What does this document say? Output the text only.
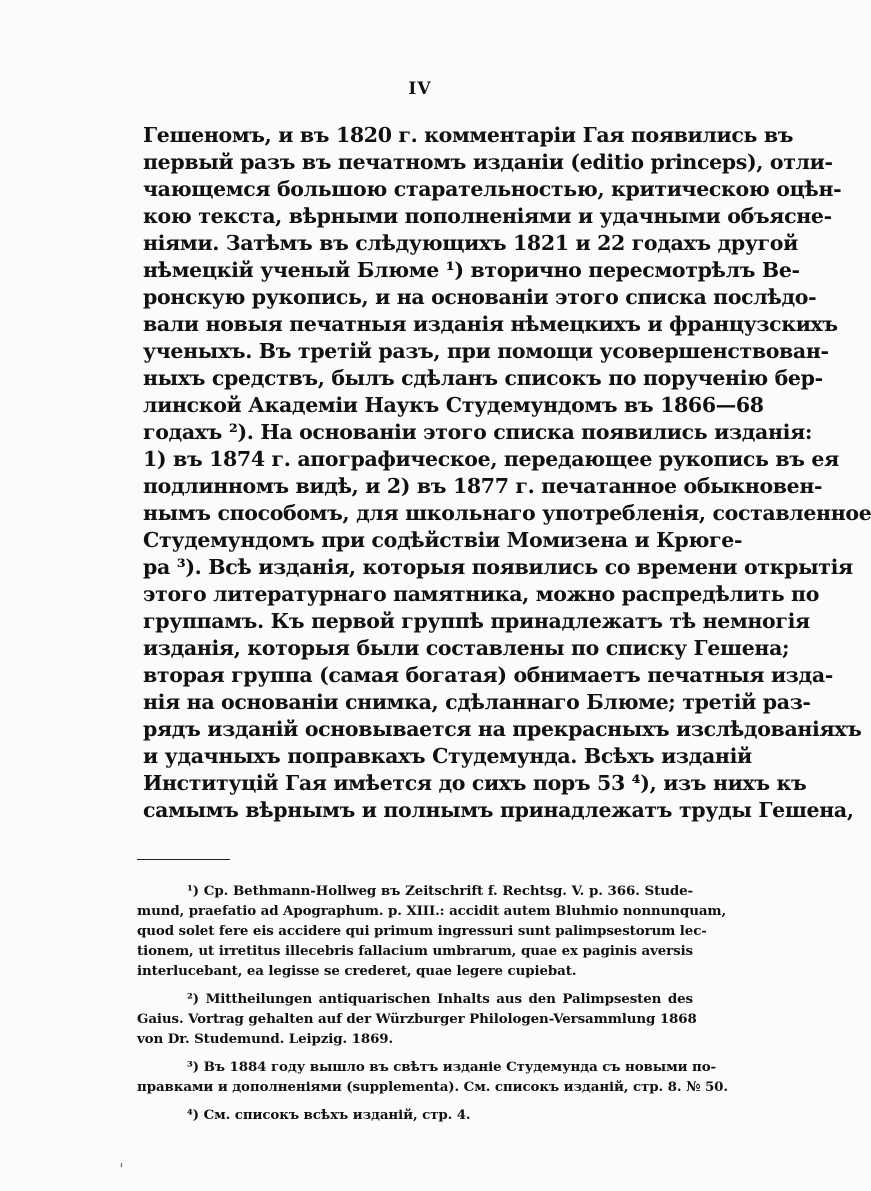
IV
Гешеномъ, и въ 1820 г. комментаріи Гая появились въ
первый разъ въ печатномъ изданіи (editio princeps), отли-
чающемся большою старательностью, критическою оцѣн-
кою текста, вѣрными пополненіями и удачными объясне-
ніями. Затѣмъ въ слѣдующихъ 1821 и 22 годахъ другой
нѣмецкій ученый Блюме ¹) вторично пересмотрѣлъ Ве-
ронскую рукопись, и на основаніи этого списка послѣдо-
вали новыя печатныя изданія нѣмецкихъ и французскихъ
ученыхъ. Въ третій разъ, при помощи усовершенствован-
ныхъ средствъ, былъ сдѣланъ списокъ по порученію бер-
линской Академіи Наукъ Студемундомъ въ 1866—68
годахъ ²). На основаніи этого списка появились изданія:
1) въ 1874 г. апографическое, передающее рукопись въ ея
подлинномъ видѣ, и 2) въ 1877 г. печатанное обыкновен-
нымъ способомъ, для школьнаго употребленія, составленное
Студемундомъ при содѣйствіи Момизена и Крюге-
ра ³). Всѣ изданія, которыя появились со времени открытія
этого литературнаго памятника, можно распредѣлить по
группамъ. Къ первой группѣ принадлежатъ тѣ немногія
изданія, которыя были составлены по списку Гешена;
вторая группа (самая богатая) обнимаетъ печатныя изда-
нія на основаніи снимка, сдѣланнаго Блюме; третій раз-
рядъ изданій основывается на прекрасныхъ изслѣдованіяхъ
и удачныхъ поправкахъ Студемунда. Всѣхъ изданій
Институцій Гая имѣется до сихъ поръ 53 ⁴), изъ нихъ къ
самымъ вѣрнымъ и полнымъ принадлежатъ труды Гешена,
¹) Cp. Bethmann-Hollweg въ Zeitschrift f. Rechtsg. V. p. 366. Stude-
mund, praefatio ad Apographum. p. XIII.: accidit autem Bluhmio nonnunquam,
quod solet fere eis accidere qui primum ingressuri sunt palimpsestorum lec-
tionem, ut irretitus illecebris fallacium umbrarum, quae ex paginis aversis
interlucebant, ea legisse se crederet, quae legere cupiebat.
²) Mittheilungen antiquarischen Inhalts aus den Palimpsesten des
Gaius. Vortrag gehalten auf der Würzburger Philologen-Versammlung 1868
von Dr. Studemund. Leipzig. 1869.
³) Въ 1884 году вышло въ свѣтъ изданіе Студемунда съ новыми по-
правками и дополненіями (supplementa). См. списокъ изданій, стр. 8. № 50.
⁴) См. списокъ всѣхъ изданій, стр. 4.
ⸯ
